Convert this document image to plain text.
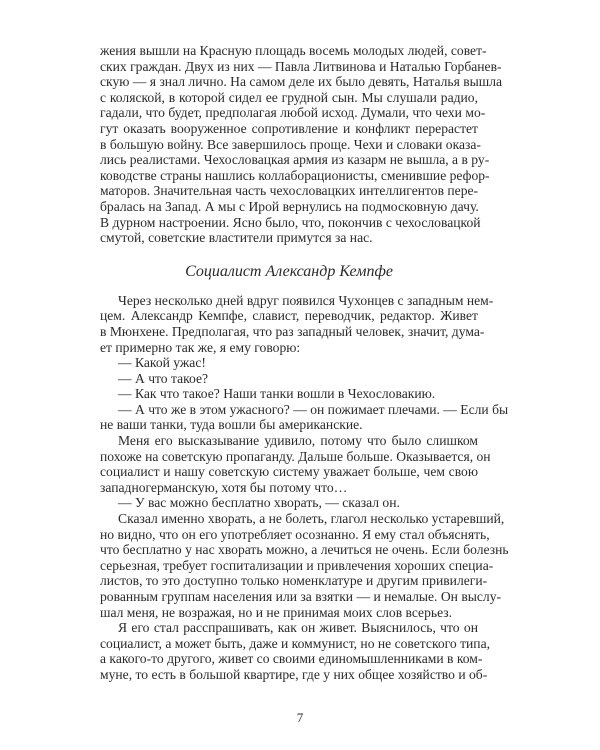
жения вышли на Красную площадь восемь молодых людей, совет-
ских граждан. Двух из них — Павла Литвинова и Наталью Горбанев-
скую — я знал лично. На самом деле их было девять, Наталья вышла
с коляской, в которой сидел ее грудной сын. Мы слушали радио,
гадали, что будет, предполагая любой исход. Думали, что чехи мо-
гут оказать вооруженное сопротивление и конфликт перерастет
в большую войну. Все завершилось проще. Чехи и словаки оказа-
лись реалистами. Чехословацкая армия из казарм не вышла, а в ру-
ководстве страны нашлись коллаборационисты, сменившие рефор-
маторов. Значительная часть чехословацких интеллигентов пере-
бралась на Запад. А мы с Ирой вернулись на подмосковную дачу.
В дурном настроении. Ясно было, что, покончив с чехословацкой
смутой, советские властители примутся за нас.
Социалист Александр Кемпфе
Через несколько дней вдруг появился Чухонцев с западным нем-
цем. Александр Кемпфе, славист, переводчик, редактор. Живет
в Мюнхене. Предполагая, что раз западный человек, значит, дума-
ет примерно так же, я ему говорю:
— Какой ужас!
— А что такое?
— Как что такое? Наши танки вошли в Чехословакию.
— А что же в этом ужасного? — он пожимает плечами. — Если бы
не ваши танки, туда вошли бы американские.
Меня его высказывание удивило, потому что было слишком
похоже на советскую пропаганду. Дальше больше. Оказывается, он
социалист и нашу советскую систему уважает больше, чем свою
западногерманскую, хотя бы потому что…
— У вас можно бесплатно хворать, — сказал он.
Сказал именно хворать, а не болеть, глагол несколько устаревший,
но видно, что он его употребляет осознанно. Я ему стал объяснять,
что бесплатно у нас хворать можно, а лечиться не очень. Если болезнь
серьезная, требует госпитализации и привлечения хороших специа-
листов, то это доступно только номенклатуре и другим привилеги-
рованным группам населения или за взятки — и немалые. Он выслу-
шал меня, не возражая, но и не принимая моих слов всерьез.
Я его стал расспрашивать, как он живет. Выяснилось, что он
социалист, а может быть, даже и коммунист, но не советского типа,
а какого-то другого, живет со своими единомышленниками в ком-
муне, то есть в большой квартире, где у них общее хозяйство и об-
7
